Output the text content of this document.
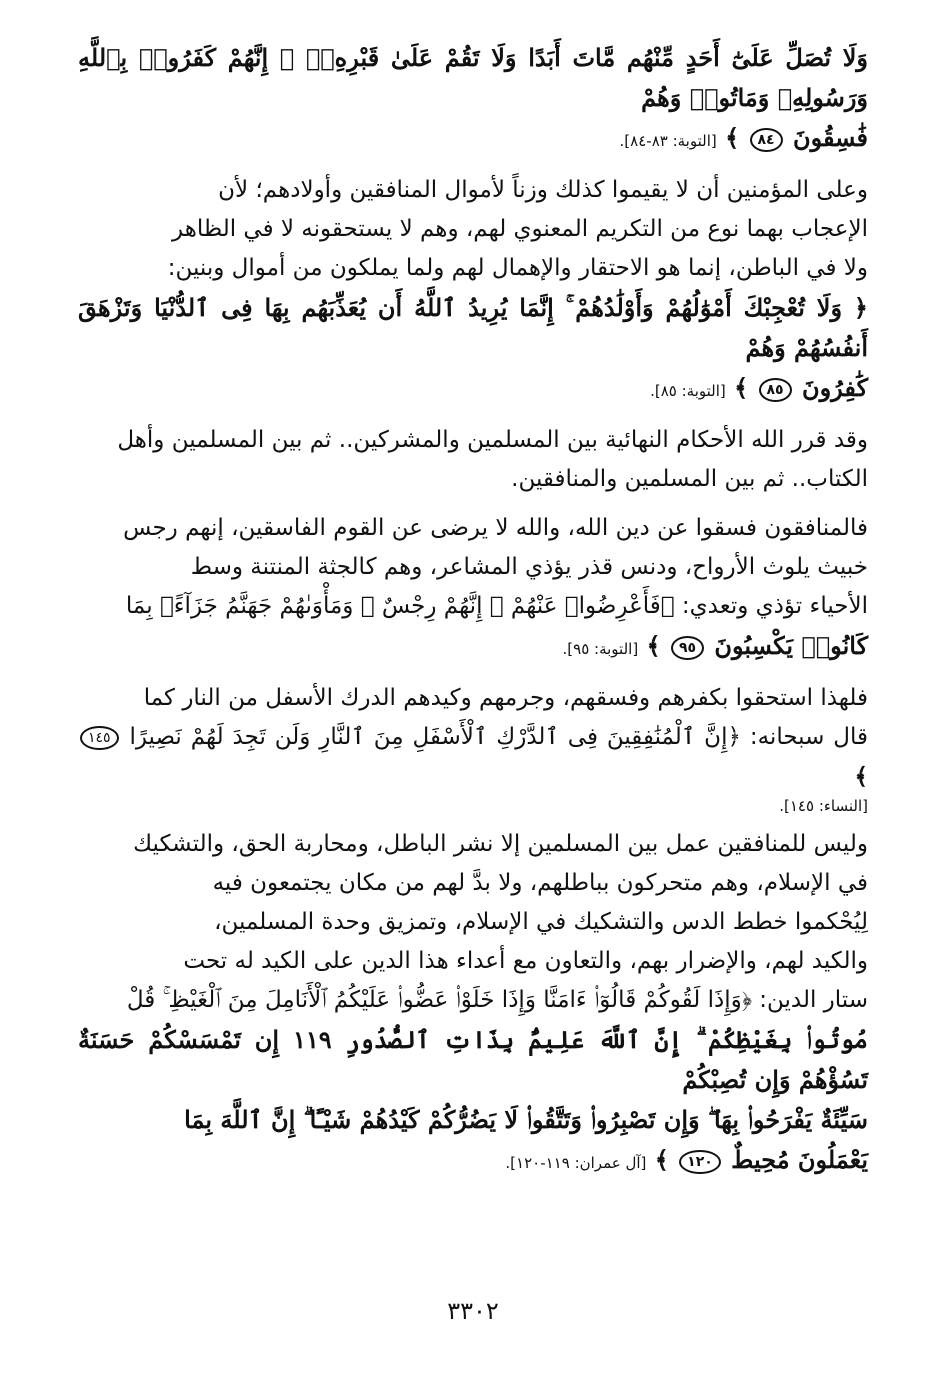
وَلَا تُصَلِّ عَلَىٰٓ أَحَدٍ مِّنْهُم مَّاتَ أَبَدًا وَلَا تَقُمْ عَلَىٰ قَبْرِهِۦٓ ۖ إِنَّهُمْ كَفَرُوا۟ بِٱللَّهِ وَرَسُولِهِۦ وَمَاتُوا۟ وَهُمْ
فَٰسِقُونَ ٨٤ ﴾ [التوبة: ٨٣-٨٤].
وعلى المؤمنين أن لا يقيموا كذلك وزناً لأموال المنافقين وأولادهم؛ لأن
الإعجاب بهما نوع من التكريم المعنوي لهم، وهم لا يستحقونه لا في الظاهر
ولا في الباطن، إنما هو الاحتقار والإهمال لهم ولما يملكون من أموال وبنين:
﴿ وَلَا تُعْجِبْكَ أَمْوَٰلُهُمْ وَأَوْلَٰدُهُمْ ۚ إِنَّمَا يُرِيدُ ٱللَّهُ أَن يُعَذِّبَهُم بِهَا فِى ٱلدُّنْيَا وَتَزْهَقَ أَنفُسُهُمْ وَهُمْ
كَٰفِرُونَ ٨٥ ﴾ [التوبة: ٨٥].
وقد قرر الله الأحكام النهائية بين المسلمين والمشركين.. ثم بين المسلمين وأهل
الكتاب.. ثم بين المسلمين والمنافقين.
فالمنافقون فسقوا عن دين الله، والله لا يرضى عن القوم الفاسقين، إنهم رجس
خبيث يلوث الأرواح، ودنس قذر يؤذي المشاعر، وهم كالجثة المنتنة وسط
الأحياء تؤذي وتعدي: ﴿فَأَعْرِضُوا۟ عَنْهُمْ ۖ إِنَّهُمْ رِجْسٌ ۖ وَمَأْوَىٰهُمْ جَهَنَّمُ جَزَآءًۢ بِمَا
كَانُوا۟ يَكْسِبُونَ ٩٥ ﴾ [التوبة: ٩٥].
فلهذا استحقوا بكفرهم وفسقهم، وجرمهم وكيدهم الدرك الأسفل من النار كما
قال سبحانه: ﴿إِنَّ ٱلْمُنَٰفِقِينَ فِى ٱلدَّرْكِ ٱلْأَسْفَلِ مِنَ ٱلنَّارِ وَلَن تَجِدَ لَهُمْ نَصِيرًا ١٤٥ ﴾
[النساء: ١٤٥].
وليس للمنافقين عمل بين المسلمين إلا نشر الباطل، ومحاربة الحق، والتشكيك
في الإسلام، وهم متحركون بباطلهم، ولا بدَّ لهم من مكان يجتمعون فيه
لِيُحْكموا خطط الدس والتشكيك في الإسلام، وتمزيق وحدة المسلمين،
والكيد لهم، والإضرار بهم، والتعاون مع أعداء هذا الدين على الكيد له تحت
ستار الدين: ﴿وَإِذَا لَقُوكُمْ قَالُوٓا۟ ءَامَنَّا وَإِذَا خَلَوْا۟ عَضُّوا۟ عَلَيْكُمُ ٱلْأَنَامِلَ مِنَ ٱلْغَيْظِ ۚ قُلْ
مُوتُوا۟ بِغَيْظِكُمْ ۗ إِنَّ ٱللَّهَ عَلِيمٌۢ بِذَاتِ ٱلصُّدُورِ ١١٩ إِن تَمْسَسْكُمْ حَسَنَةٌ تَسُؤْهُمْ وَإِن تُصِبْكُمْ
سَيِّئَةٌ يَفْرَحُوا۟ بِهَا ۖ وَإِن تَصْبِرُوا۟ وَتَتَّقُوا۟ لَا يَضُرُّكُمْ كَيْدُهُمْ شَيْـًٔا ۗ إِنَّ ٱللَّهَ بِمَا
يَعْمَلُونَ مُحِيطٌ ١٢٠ ﴾ [آل عمران: ١١٩-١٢٠].
٣٣٠٢
